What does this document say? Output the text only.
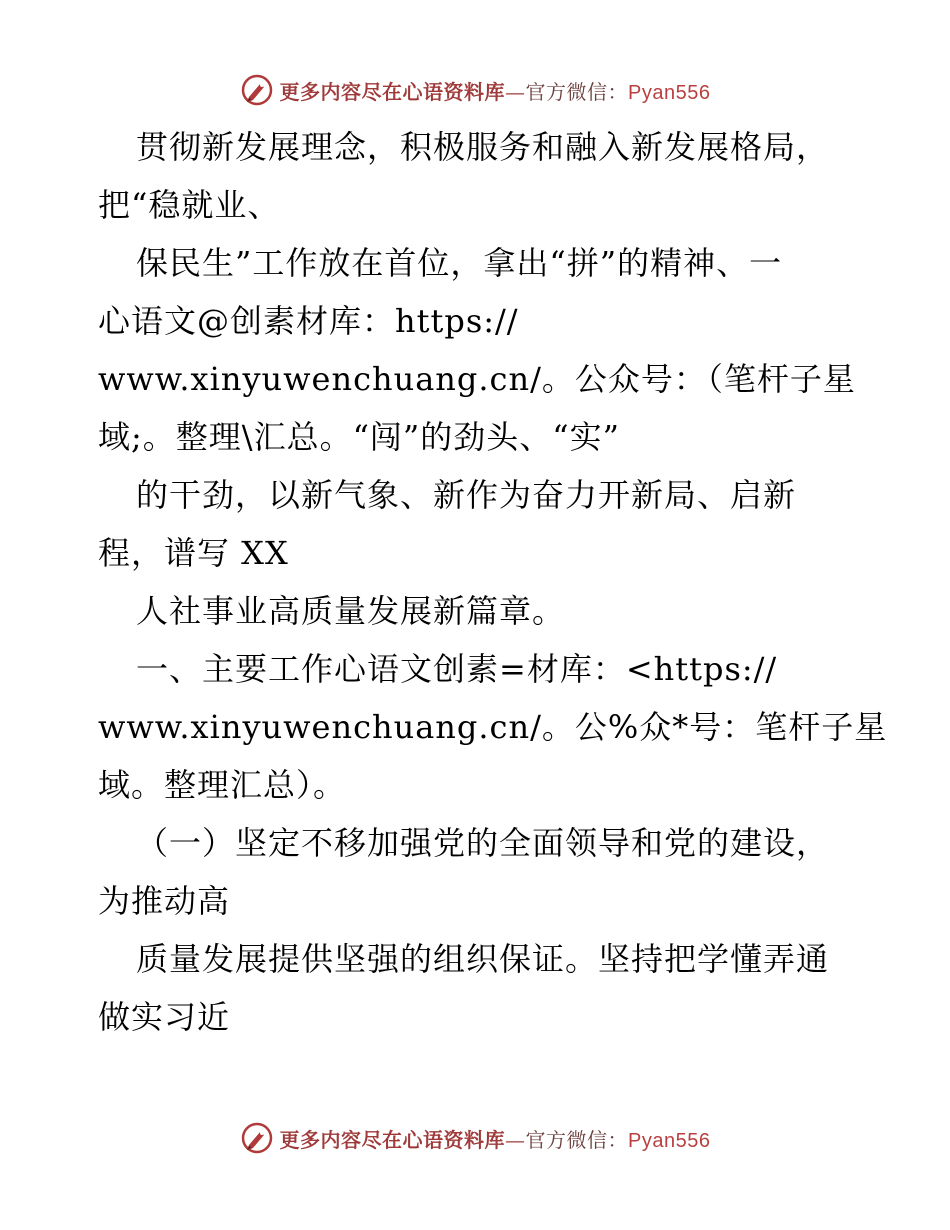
更多内容尽在心语资料库—官方微信：Pyan556
贯彻新发展理念，积极服务和融入新发展格局，
把“稳就业、
保民生”工作放在首位，拿出“拼”的精神、一
心语文@创素材库：https://
www.xinyuwenchuang.cn/。公众号：（笔杆子星
域;。整理\汇总。“闯”的劲头、“实”
的干劲，以新气象、新作为奋力开新局、启新
程，谱写 XX
人社事业高质量发展新篇章。
一、主要工作心语文创素=材库：<https://
www.xinyuwenchuang.cn/。公%众*号：笔杆子星
域。整理汇总）。
（一）坚定不移加强党的全面领导和党的建设，
为推动高
质量发展提供坚强的组织保证。坚持把学懂弄通
做实习近
更多内容尽在心语资料库—官方微信：Pyan556
